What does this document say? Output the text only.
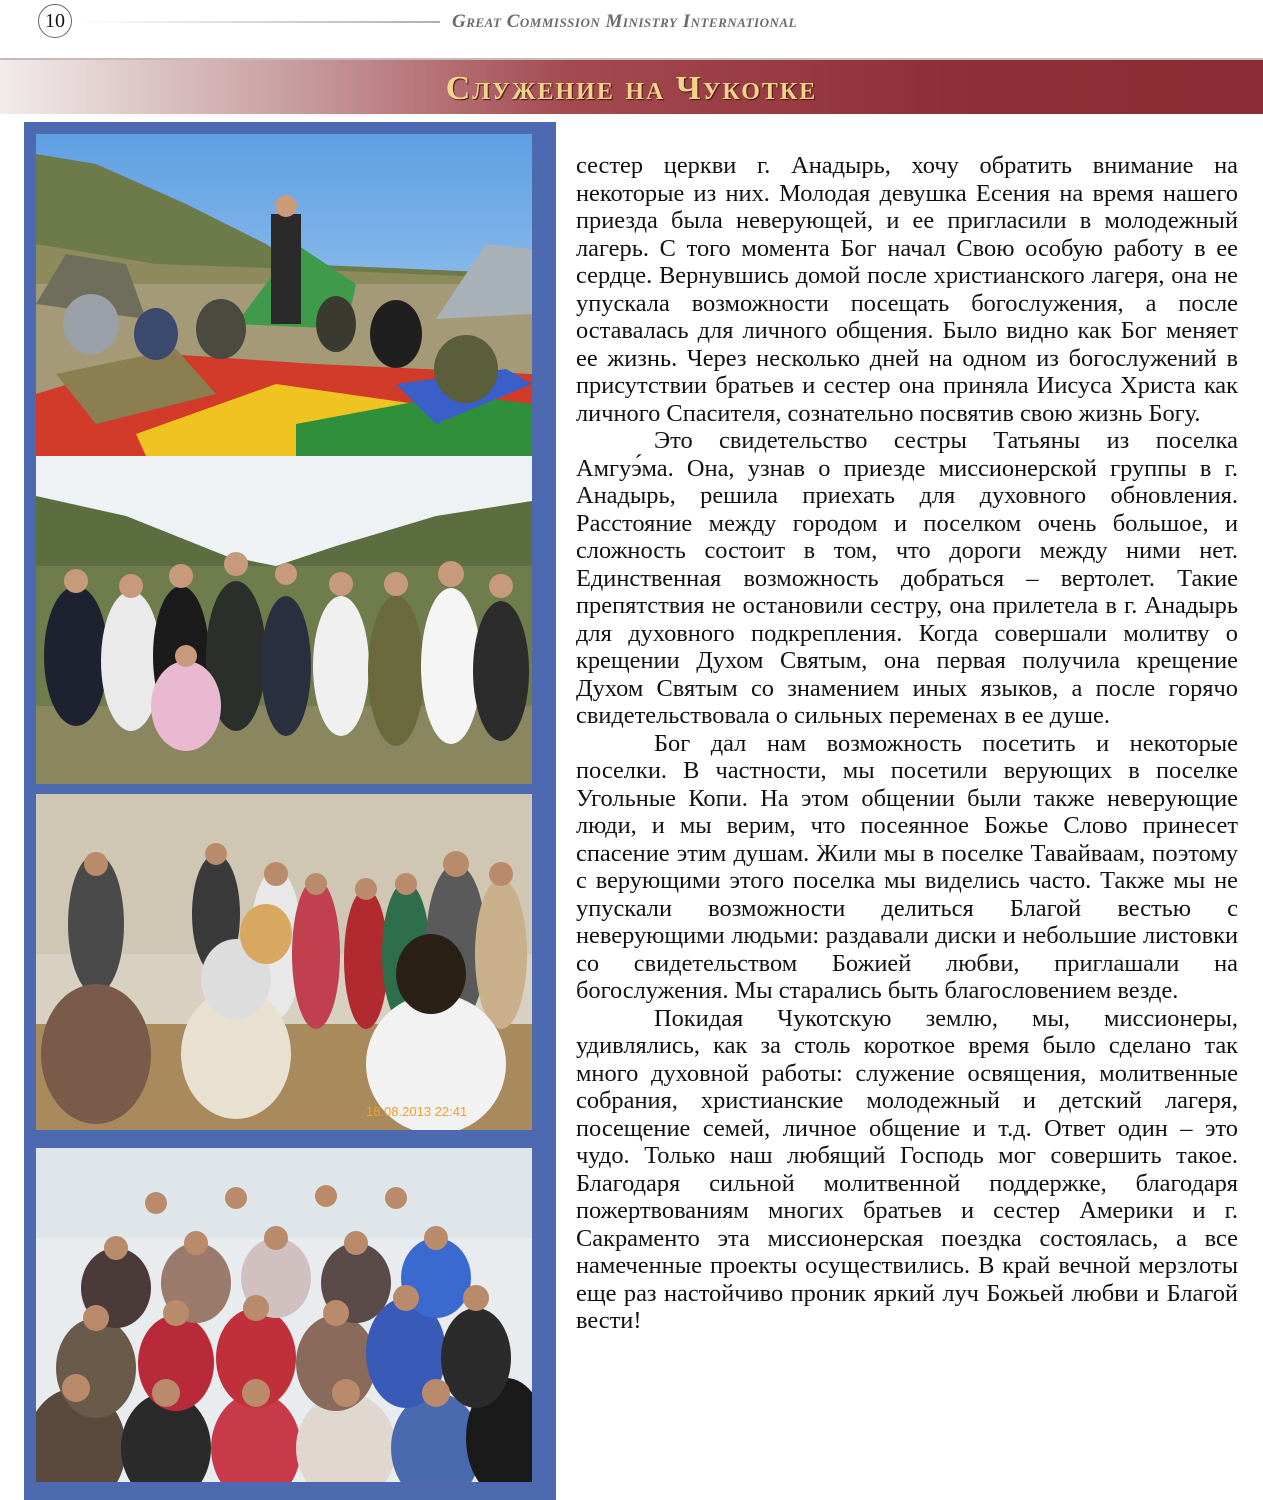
10	Great Commission Ministry International
Служение на Чукотке
18.08.2013 22:41

сестер церкви г. Анадырь, хочу обратить внимание на некоторые из них. Молодая девушка Есения на время нашего приезда была неверующей, и ее пригласили в молодежный лагерь. С того момента Бог начал Свою особую работу в ее сердце. Вернувшись домой после христианского лагеря, она не упускала возможности посещать богослужения, а после оставалась для личного общения. Было видно как Бог меняет ее жизнь. Через несколько дней на одном из богослужений в присутствии братьев и сестер она приняла Иисуса Христа как личного Спасителя, сознательно посвятив свою жизнь Богу.

Это свидетельство сестры Татьяны из поселка Амгуэ́ма. Она, узнав о приезде миссионерской группы в г. Анадырь, решила приехать для духовного обновления. Расстояние между городом и поселком очень большое, и сложность состоит в том, что дороги между ними нет. Единственная возможность добраться – вертолет. Такие препятствия не остановили сестру, она прилетела в г. Анадырь для духовного подкрепления. Когда совершали молитву о крещении Духом Святым, она первая получила крещение Духом Святым со знамением иных языков, а после горячо свидетельствовала о сильных переменах в ее душе.

Бог дал нам возможность посетить и некоторые поселки. В частности, мы посетили верующих в поселке Угольные Копи. На этом общении были также неверующие люди, и мы верим, что посеянное Божье Слово принесет спасение этим душам. Жили мы в поселке Тавайваам, поэтому с верующими этого поселка мы виделись часто. Также мы не упускали возможности делиться Благой вестью с неверующими людьми: раздавали диски и небольшие листовки со свидетельством Божией любви, приглашали на богослужения. Мы старались быть благословением везде.

Покидая Чукотскую землю, мы, миссионеры, удивлялись, как за столь короткое время было сделано так много духовной работы: служение освящения, молитвенные собрания, христианские молодежный и детский лагеря, посещение семей, личное общение и т.д. Ответ один – это чудо. Только наш любящий Господь мог совершить такое. Благодаря сильной молитвенной поддержке, благодаря пожертвованиям многих братьев и сестер Америки и г. Сакраменто эта миссионерская поездка состоялась, а все намеченные проекты осуществились. В край вечной мерзлоты еще раз настойчиво проник яркий луч Божьей любви и Благой вести!
